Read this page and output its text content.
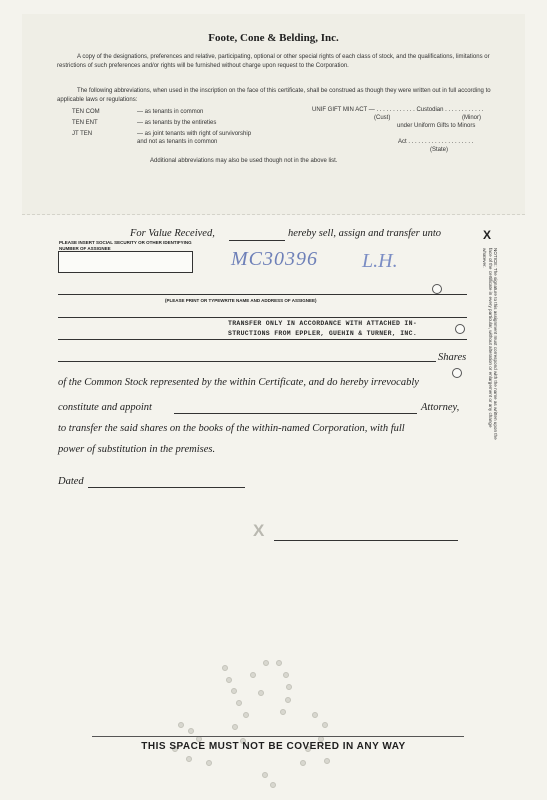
Foote, Cone & Belding, Inc.
A copy of the designations, preferences and relative, participating, optional or other special rights of each class of stock, and the qualifications, limitations or restrictions of such preferences and/or rights will be furnished without charge upon request to the Corporation.
The following abbreviations, when used in the inscription on the face of this certificate, shall be construed as though they were written out in full according to applicable laws or regulations:
TEN COM	— as tenants in common
TEN ENT	— as tenants by the entireties
JT TEN	— as joint tenants with right of survivorship and not as tenants in common
UNIF GIFT MIN ACT — . . . . . . . . . . . . Custodian . . . . . . . . . . . .
(Cust)	(Minor)
under Uniform Gifts to Minors
Act . . . . . . . . . . . . . . . . . . . .
(State)
Additional abbreviations may also be used though not in the above list.
For Value Received,	hereby sell, assign and transfer unto
PLEASE INSERT SOCIAL SECURITY OR OTHER IDENTIFYING NUMBER OF ASSIGNEE	MC30396 L.H.
(PLEASE PRINT OR TYPEWRITE NAME AND ADDRESS OF ASSIGNEE)
TRANSFER ONLY IN ACCORDANCE WITH ATTACHED IN-STRUCTIONS FROM EPPLER, GUEHIN & TURNER, INC.
Shares
of the Common Stock represented by the within Certificate, and do hereby irrevocably
constitute and appoint	Attorney,
to transfer the said shares on the books of the within-named Corporation, with full
power of substitution in the premises.
Dated
X
X
NOTICE: The signature to this assignment must correspond with the name as written upon the face of the certificate in every particular, without alteration or enlargement or any change whatever.
THIS SPACE MUST NOT BE COVERED IN ANY WAY
